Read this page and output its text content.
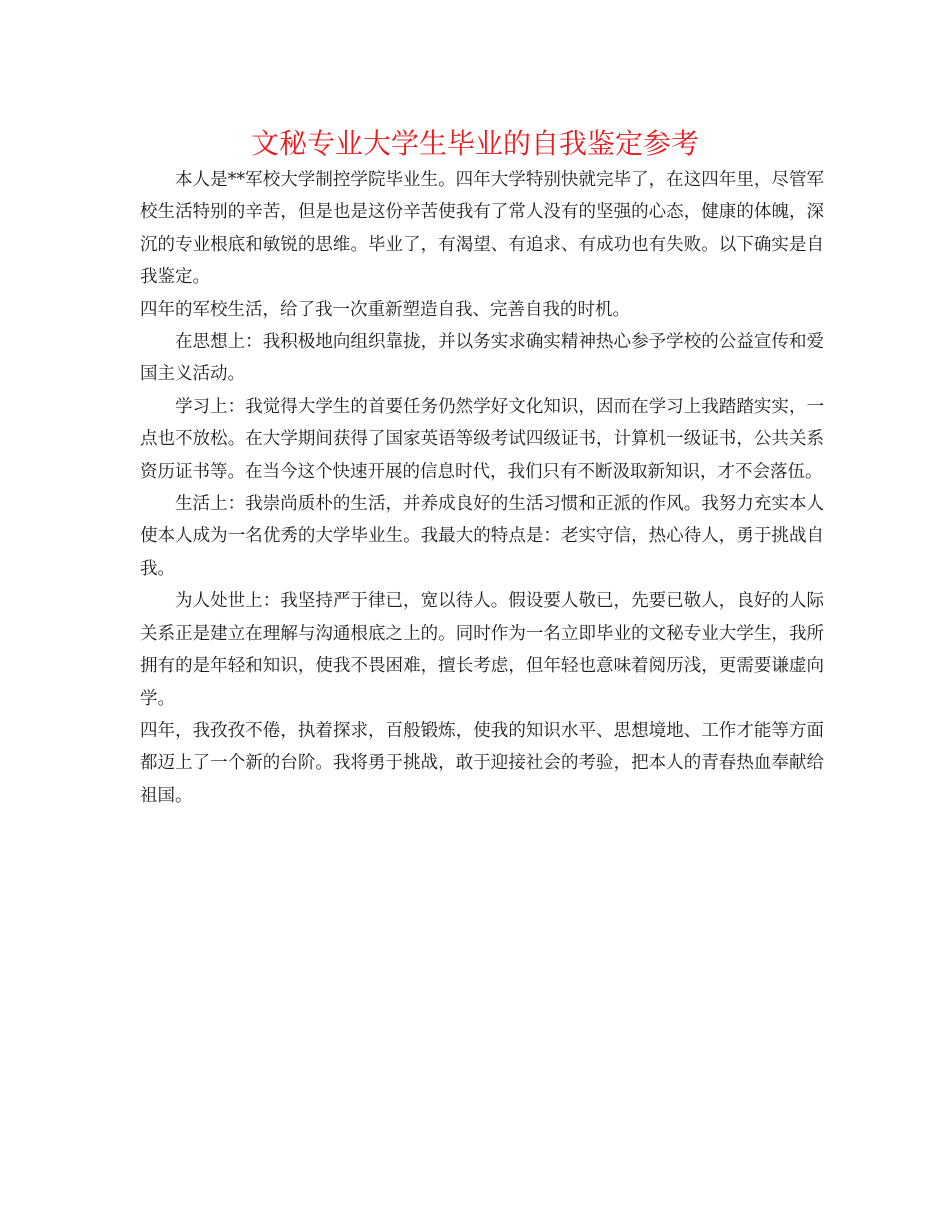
文秘专业大学生毕业的自我鉴定参考

本人是**军校大学制控学院毕业生。四年大学特别快就完毕了，在这四年里，尽管军校生活特别的辛苦，但是也是这份辛苦使我有了常人没有的坚强的心态，健康的体魄，深沉的专业根底和敏锐的思维。毕业了，有渴望、有追求、有成功也有失败。以下确实是自我鉴定。

四年的军校生活，给了我一次重新塑造自我、完善自我的时机。

在思想上：我积极地向组织靠拢，并以务实求确实精神热心参予学校的公益宣传和爱国主义活动。

学习上：我觉得大学生的首要任务仍然学好文化知识，因而在学习上我踏踏实实，一点也不放松。在大学期间获得了国家英语等级考试四级证书，计算机一级证书，公共关系资历证书等。在当今这个快速开展的信息时代，我们只有不断汲取新知识，才不会落伍。

生活上：我崇尚质朴的生活，并养成良好的生活习惯和正派的作风。我努力充实本人使本人成为一名优秀的大学毕业生。我最大的特点是：老实守信，热心待人，勇于挑战自我。

为人处世上：我坚持严于律已，宽以待人。假设要人敬已，先要已敬人，良好的人际关系正是建立在理解与沟通根底之上的。同时作为一名立即毕业的文秘专业大学生，我所拥有的是年轻和知识，使我不畏困难，擅长考虑，但年轻也意味着阅历浅，更需要谦虚向学。

四年，我孜孜不倦，执着探求，百般锻炼，使我的知识水平、思想境地、工作才能等方面都迈上了一个新的台阶。我将勇于挑战，敢于迎接社会的考验，把本人的青春热血奉献给祖国。
